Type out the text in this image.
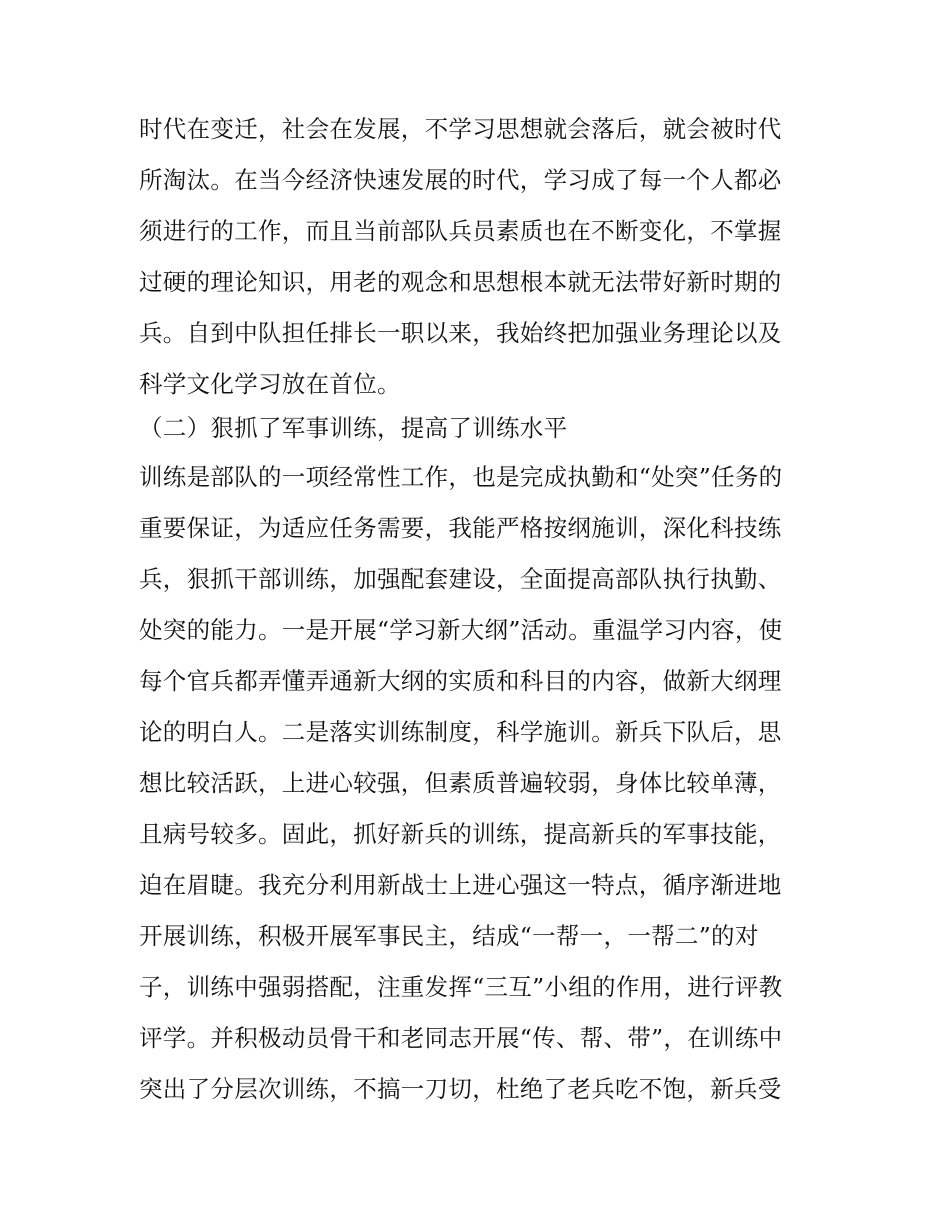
时代在变迁，社会在发展，不学习思想就会落后，就会被时代
所淘汰。在当今经济快速发展的时代，学习成了每一个人都必
须进行的工作，而且当前部队兵员素质也在不断变化，不掌握
过硬的理论知识，用老的观念和思想根本就无法带好新时期的
兵。自到中队担任排长一职以来，我始终把加强业务理论以及
科学文化学习放在首位。
（二）狠抓了军事训练，提高了训练水平
训练是部队的一项经常性工作，也是完成执勤和“处突”任务的
重要保证，为适应任务需要，我能严格按纲施训，深化科技练
兵，狠抓干部训练，加强配套建设，全面提高部队执行执勤、
处突的能力。一是开展“学习新大纲”活动。重温学习内容，使
每个官兵都弄懂弄通新大纲的实质和科目的内容，做新大纲理
论的明白人。二是落实训练制度，科学施训。新兵下队后，思
想比较活跃，上进心较强，但素质普遍较弱，身体比较单薄，
且病号较多。固此，抓好新兵的训练，提高新兵的军事技能，
迫在眉睫。我充分利用新战士上进心强这一特点，循序渐进地
开展训练，积极开展军事民主，结成“一帮一，一帮二”的对
子，训练中强弱搭配，注重发挥“三互”小组的作用，进行评教
评学。并积极动员骨干和老同志开展“传、帮、带”，在训练中
突出了分层次训练，不搞一刀切，杜绝了老兵吃不饱，新兵受
